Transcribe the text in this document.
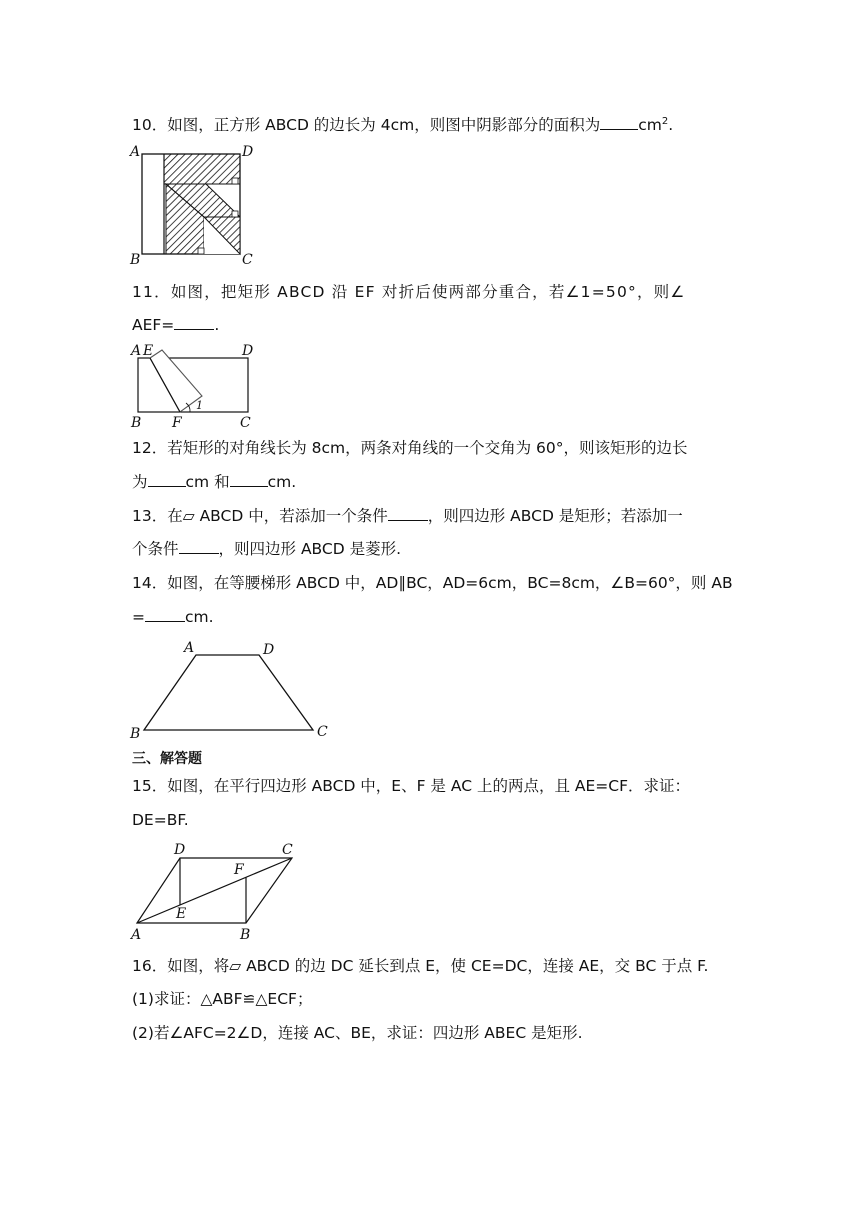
10．如图，正方形 ABCD 的边长为 4cm，则图中阴影部分的面积为 $cm^2$.
A	D
B	C
11．如图，把矩形 ABCD 沿 EF 对折后使两部分重合，若∠1=50°，则∠
AEF=	.
A E	D
B F	C
1
12．若矩形的对角线长为 8cm，两条对角线的一个交角为 60°，则该矩形的边长
为 cm 和 cm.
13．在▱ ABCD 中，若添加一个条件	，则四边形 ABCD 是矩形；若添加一
个条件	，则四边形 ABCD 是菱形.
14．如图，在等腰梯形 ABCD 中，AD∥BC，AD=6cm，BC=8cm，∠B=60°，则 AB
=	cm.
A	D
B	C
三、解答题
15．如图，在平行四边形 ABCD 中，E、F 是 AC 上的两点，且 AE=CF．求证：
DE=BF.
D	C
F
E
A	B
16．如图，将▱ ABCD 的边 DC 延长到点 E，使 CE=DC，连接 AE，交 BC 于点 F.
(1)求证：△ABF≌△ECF；
(2)若∠AFC=2∠D，连接 AC、BE，求证：四边形 ABEC 是矩形.
